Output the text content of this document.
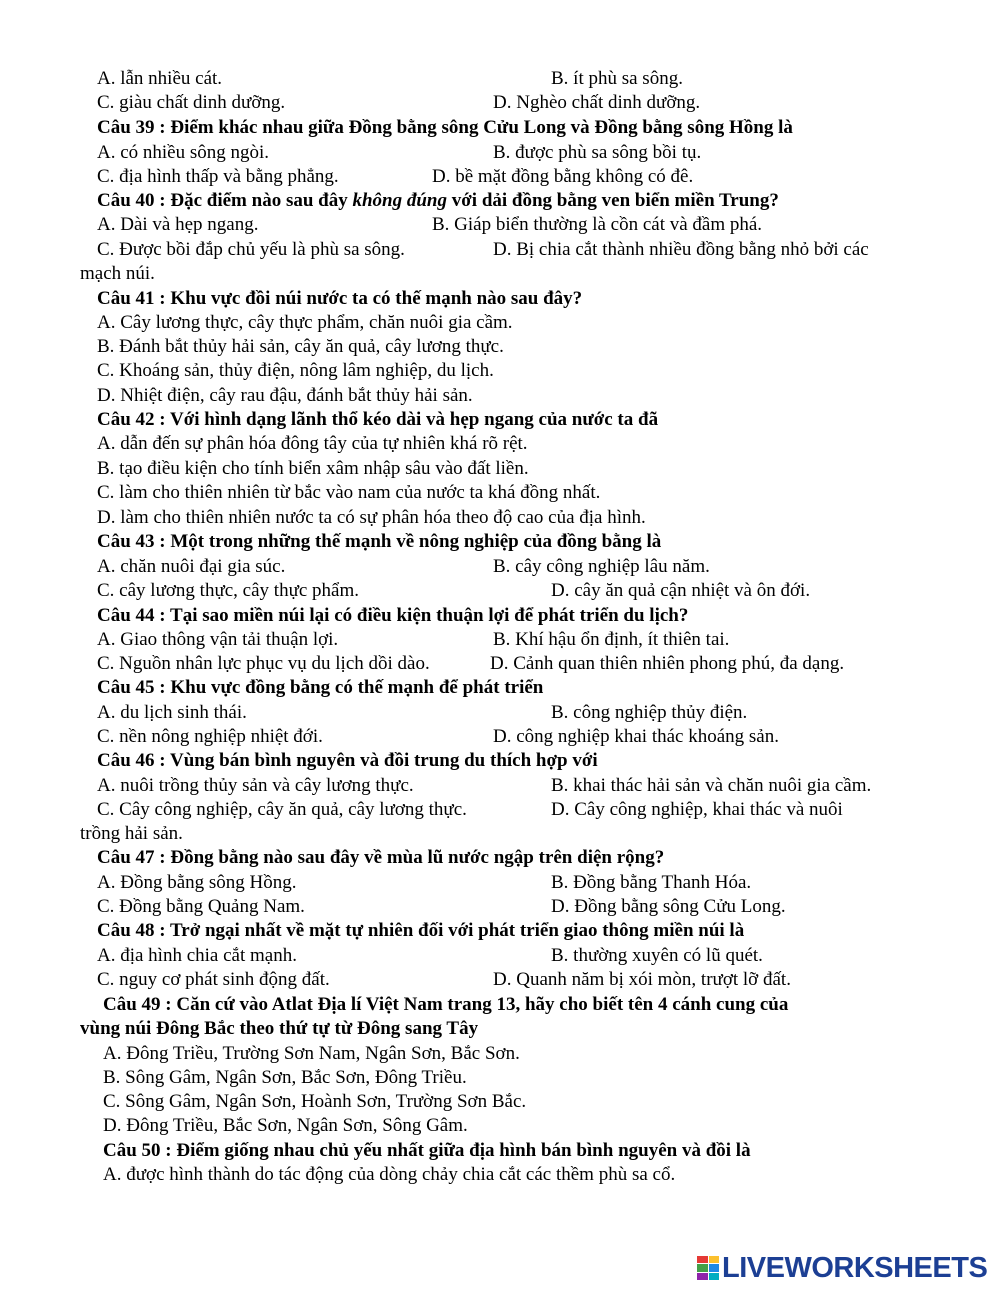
A. lẫn nhiều cát.	B. ít phù sa sông.
C. giàu chất dinh dưỡng.	D. Nghèo chất dinh dưỡng.
Câu 39 : Điểm khác nhau giữa Đồng bằng sông Cửu Long và Đồng bằng sông Hồng là
A. có nhiều sông ngòi.	B. được phù sa sông bồi tụ.
C. địa hình thấp và bằng phẳng.	D. bề mặt đồng bằng không có đê.
Câu 40 : Đặc điểm nào sau đây không đúng với dải đồng bằng ven biển miền Trung?
A. Dài và hẹp ngang.	B. Giáp biển thường là cồn cát và đầm phá.
C. Được bồi đắp chủ yếu là phù sa sông.	D. Bị chia cắt thành nhiều đồng bằng nhỏ bởi các
mạch núi.
Câu 41 : Khu vực đồi núi nước ta có thế mạnh nào sau đây?
A. Cây lương thực, cây thực phẩm, chăn nuôi gia cầm.
B. Đánh bắt thủy hải sản, cây ăn quả, cây lương thực.
C. Khoáng sản, thủy điện, nông lâm nghiệp, du lịch.
D. Nhiệt điện, cây rau đậu, đánh bắt thủy hải sản.
Câu 42 : Với hình dạng lãnh thổ kéo dài và hẹp ngang của nước ta đã
A. dẫn đến sự phân hóa đông tây của tự nhiên khá rõ rệt.
B. tạo điều kiện cho tính biển xâm nhập sâu vào đất liền.
C. làm cho thiên nhiên từ bắc vào nam của nước ta khá đồng nhất.
D. làm cho thiên nhiên nước ta có sự phân hóa theo độ cao của địa hình.
Câu 43 : Một trong những thế mạnh về nông nghiệp của đồng bằng là
A. chăn nuôi đại gia súc.	B. cây công nghiệp lâu năm.
C. cây lương thực, cây thực phẩm.	D. cây ăn quả cận nhiệt và ôn đới.
Câu 44 : Tại sao miền núi lại có điều kiện thuận lợi để phát triển du lịch?
A. Giao thông vận tải thuận lợi.	B. Khí hậu ổn định, ít thiên tai.
C. Nguồn nhân lực phục vụ du lịch dồi dào.	D. Cảnh quan thiên nhiên phong phú, đa dạng.
Câu 45 : Khu vực đồng bằng có thế mạnh để phát triển
A. du lịch sinh thái.	B. công nghiệp thủy điện.
C. nền nông nghiệp nhiệt đới.	D. công nghiệp khai thác khoáng sản.
Câu 46 : Vùng bán bình nguyên và đồi trung du thích hợp với
A. nuôi trồng thủy sản và cây lương thực.	B. khai thác hải sản và chăn nuôi gia cầm.
C. Cây công nghiệp, cây ăn quả, cây lương thực.	D. Cây công nghiệp, khai thác và nuôi
trồng hải sản.
Câu 47 : Đồng bằng nào sau đây về mùa lũ nước ngập trên diện rộng?
A. Đồng bằng sông Hồng.	B. Đồng bằng Thanh Hóa.
C. Đồng bằng Quảng Nam.	D. Đồng bằng sông Cửu Long.
Câu 48 : Trở ngại nhất về mặt tự nhiên đối với phát triển giao thông miền núi là
A. địa hình chia cắt mạnh.	B. thường xuyên có lũ quét.
C. nguy cơ phát sinh động đất.	D. Quanh năm bị xói mòn, trượt lỡ đất.
Câu 49 : Căn cứ vào Atlat Địa lí Việt Nam trang 13, hãy cho biết tên 4 cánh cung của
vùng núi Đông Bắc theo thứ tự từ Đông sang Tây
A. Đông Triều, Trường Sơn Nam, Ngân Sơn, Bắc Sơn.
B. Sông Gâm, Ngân Sơn, Bắc Sơn, Đông Triều.
C. Sông Gâm, Ngân Sơn, Hoành Sơn, Trường Sơn Bắc.
D. Đông Triều, Bắc Sơn, Ngân Sơn, Sông Gâm.
Câu 50 : Điểm giống nhau chủ yếu nhất giữa địa hình bán bình nguyên và đồi là
A. được hình thành do tác động của dòng chảy chia cắt các thềm phù sa cổ.
LIVEWORKSHEETS
